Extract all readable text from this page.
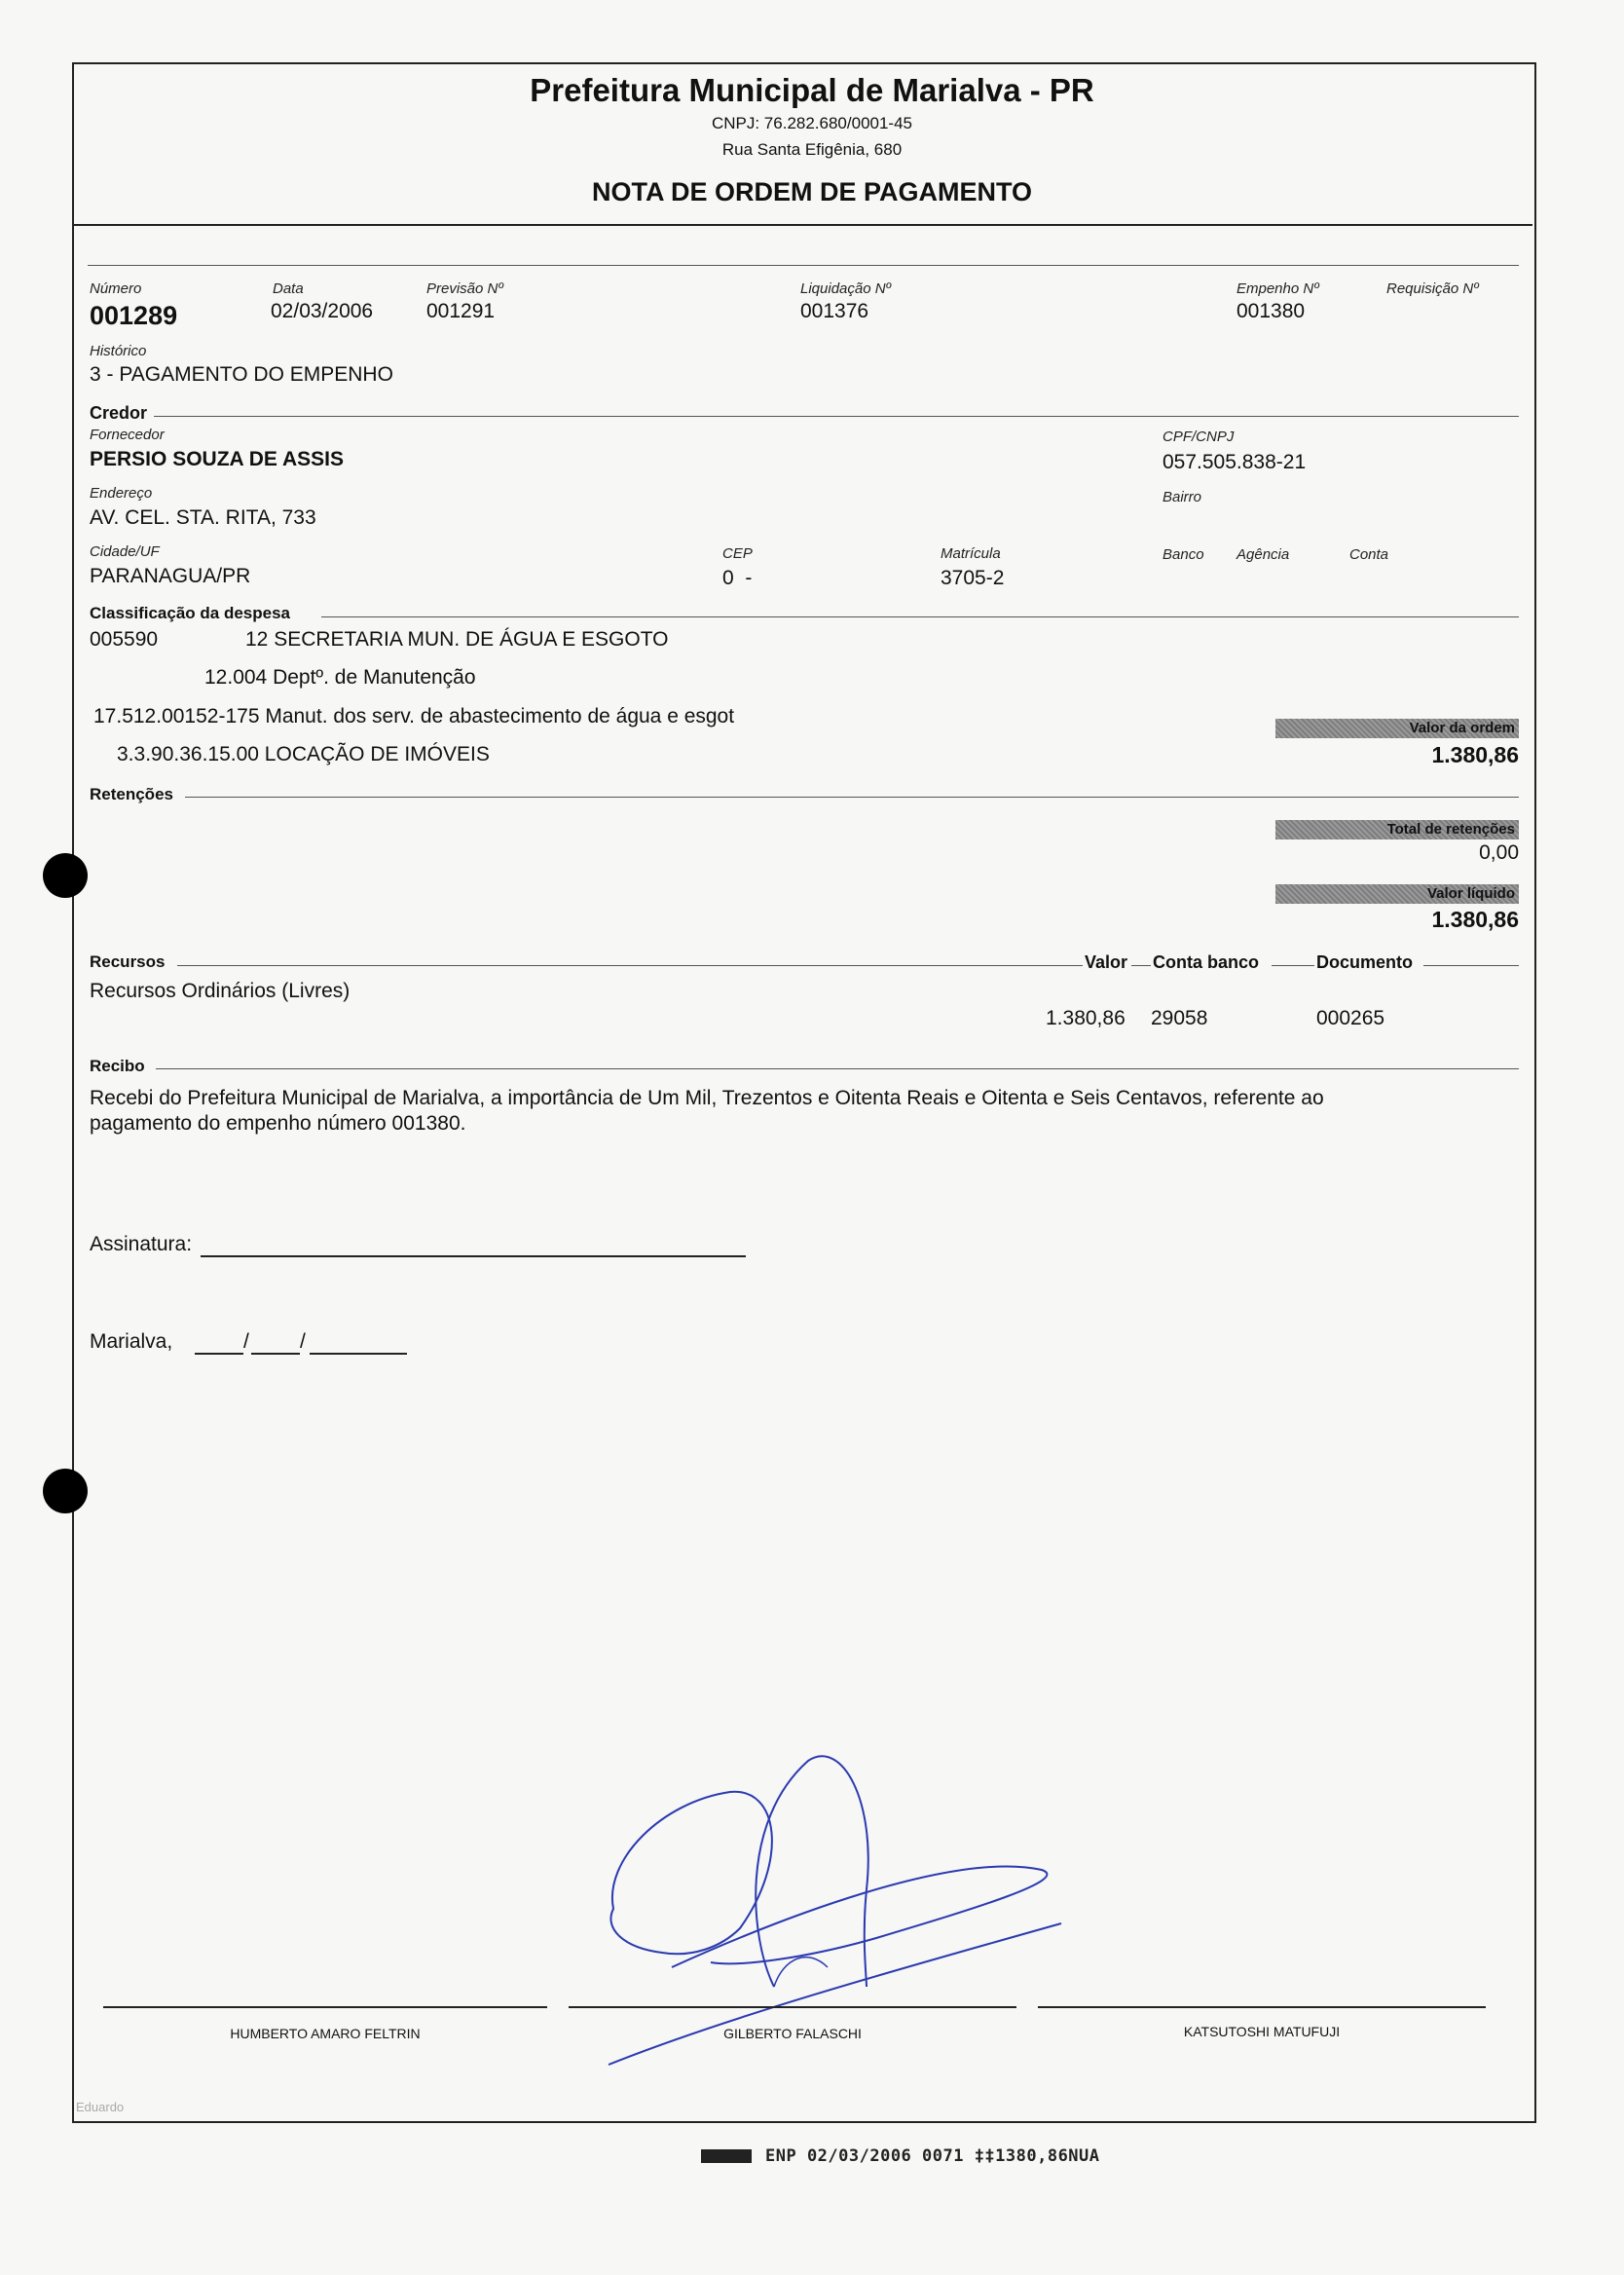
Prefeitura Municipal de Marialva - PR
CNPJ: 76.282.680/0001-45
Rua Santa Efigênia, 680
NOTA DE ORDEM DE PAGAMENTO
Número
001289
Data
02/03/2006
Previsão Nº
001291
Liquidação Nº
001376
Empenho Nº
001380
Requisição Nº
Histórico
3 - PAGAMENTO DO EMPENHO
Credor
Fornecedor
PERSIO SOUZA DE ASSIS
CPF/CNPJ
057.505.838-21
Endereço
AV. CEL. STA. RITA, 733
Bairro
Cidade/UF
PARANAGUA/PR
CEP
0  -
Matrícula
3705-2
Banco Agência	Conta
Classificação da despesa
005590	12 SECRETARIA MUN. DE ÁGUA E ESGOTO
12.004 Deptº. de Manutenção
17.512.00152-175 Manut. dos serv. de abastecimento de água e esgot
3.3.90.36.15.00 LOCAÇÃO DE IMÓVEIS
Valor da ordem
1.380,86
Retenções
Total de retenções
0,00
Valor líquido
1.380,86
Recursos	Valor Conta banco	Documento
Recursos Ordinários (Livres)
1.380,86 29058	000265
Recibo
Recebi do Prefeitura Municipal de Marialva, a importância de Um Mil, Trezentos e Oitenta Reais e Oitenta e Seis Centavos, referente ao
pagamento do empenho número 001380.
Assinatura:
Marialva,	/ /
HUMBERTO AMARO FELTRIN	GILBERTO FALASCHI	KATSUTOSHI MATUFUJI
Eduardo
ENP 02/03/2006 0071 ‡‡1380,86NUA
